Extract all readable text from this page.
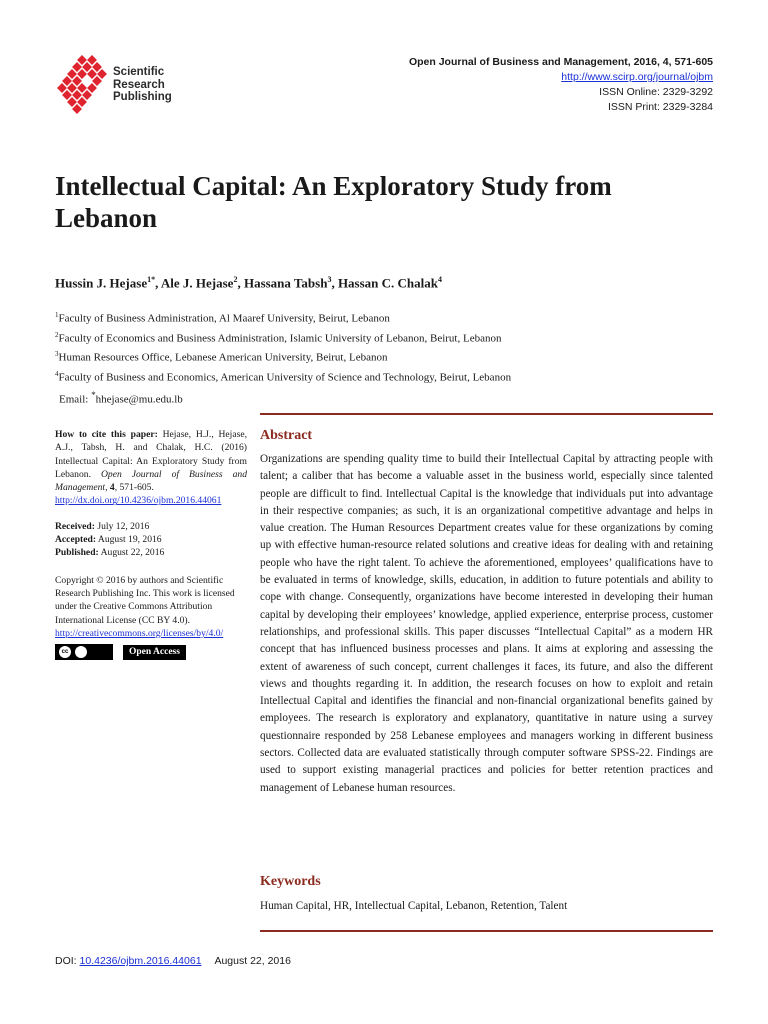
Scientific
Research
Publishing
Open Journal of Business and Management, 2016, 4, 571-605
http://www.scirp.org/journal/ojbm
ISSN Online: 2329-3292
ISSN Print: 2329-3284
Intellectual Capital: An Exploratory Study from Lebanon
Hussin J. Hejase$^{1*}$, Ale J. Hejase$^2$, Hassana Tabsh$^3$, Hassan C. Chalak$^4$
$^1$Faculty of Business Administration, Al Maaref University, Beirut, Lebanon
$^2$Faculty of Economics and Business Administration, Islamic University of Lebanon, Beirut, Lebanon
$^3$Human Resources Office, Lebanese American University, Beirut, Lebanon
$^4$Faculty of Business and Economics, American University of Science and Technology, Beirut, Lebanon
Email: *hhejase@mu.edu.lb

How to cite this paper: Hejase, H.J., Hejase, A.J., Tabsh, H. and Chalak, H.C. (2016) Intellectual Capital: An Exploratory Study from Lebanon. Open Journal of Business and Management, 4, 571-605.
http://dx.doi.org/10.4236/ojbm.2016.44061

Received: July 12, 2016

Accepted: August 19, 2016

Published: August 22, 2016

Copyright © 2016 by authors and Scientific Research Publishing Inc. This work is licensed under the Creative Commons Attribution International License (CC BY 4.0).

http://creativecommons.org/licenses/by/4.0/

cc	Open Access
Abstract

Organizations are spending quality time to build their Intellectual Capital by attracting people with talent; a caliber that has become a valuable asset in the business world, especially since talented people are difficult to find. Intellectual Capital is the knowledge that individuals put into advantage in their respective companies; as such, it is an organizational competitive advantage and helps in value creation. The Human Resources Department creates value for these organizations by coming up with effective human-resource related solutions and creative ideas for dealing with and retaining people who have the right talent. To achieve the aforementioned, employees’ qualifications have to be evaluated in terms of knowledge, skills, education, in addition to future potentials and ability to cope with change. Consequently, organizations have become interested in developing their human capital by developing their employees’ knowledge, applied experience, enterprise process, customer relationships, and professional skills. This paper discusses “Intellectual Capital” as a modern HR concept that has influenced business processes and plans. It aims at exploring and assessing the extent of awareness of such concept, current challenges it faces, its future, and also the different views and thoughts regarding it. In addition, the research focuses on how to exploit and retain Intellectual Capital and identifies the financial and non-financial organizational benefits gained by employees. The research is exploratory and explanatory, quantitative in nature using a survey questionnaire responded by 258 Lebanese employees and managers working in different business sectors. Collected data are evaluated statistically through computer software SPSS-22. Findings are used to support existing managerial practices and policies for better retention practices and management of Lebanese human resources.

Keywords
Human Capital, HR, Intellectual Capital, Lebanon, Retention, Talent
DOI: 10.4236/ojbm.2016.44061 August 22, 2016
